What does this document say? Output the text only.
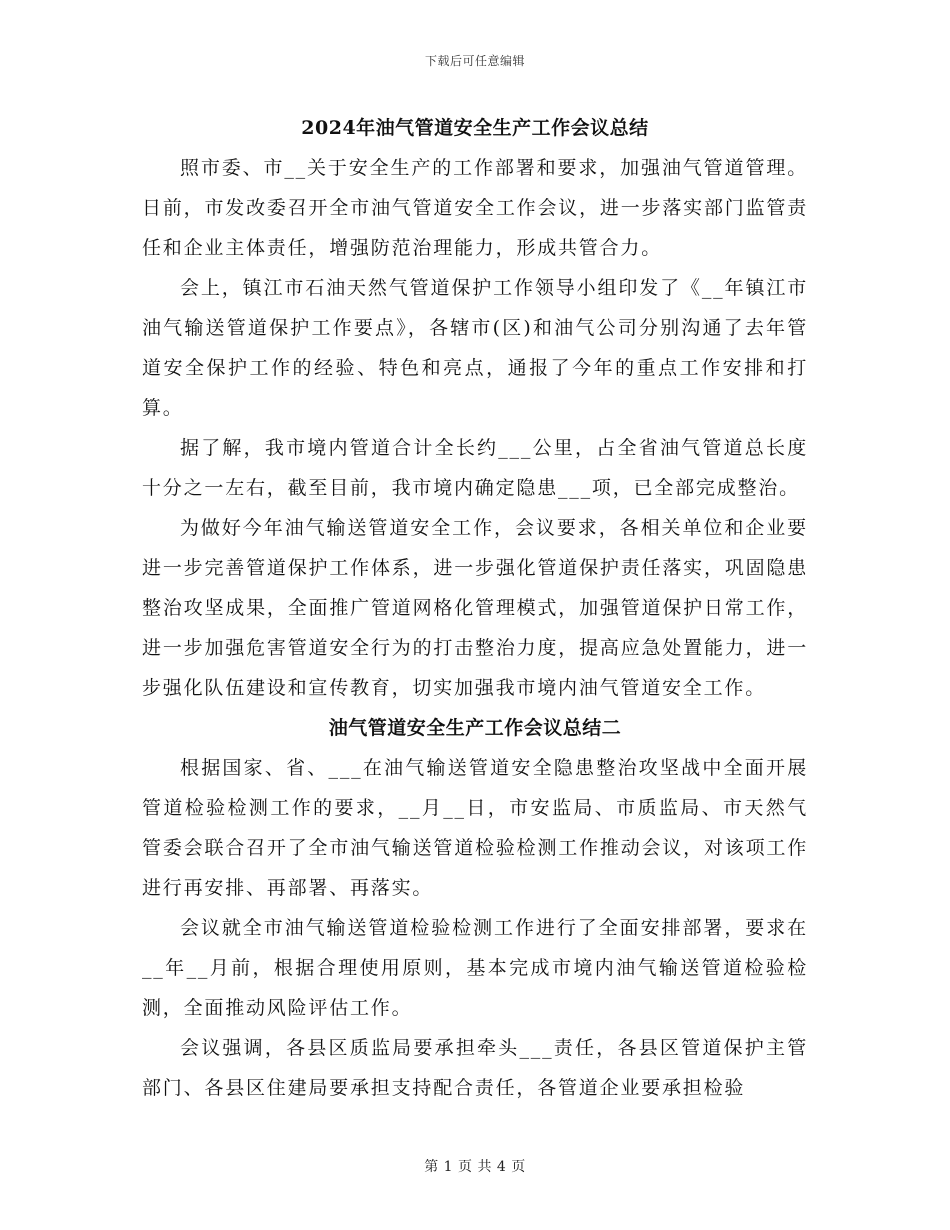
下载后可任意编辑
2024年油气管道安全生产工作会议总结

照市委、市__关于安全生产的工作部署和要求，加强油气管道管理。日前，市发改委召开全市油气管道安全工作会议，进一步落实部门监管责任和企业主体责任，增强防范治理能力，形成共管合力。

会上，镇江市石油天然气管道保护工作领导小组印发了《__年镇江市油气输送管道保护工作要点》，各辖市(区)和油气公司分别沟通了去年管道安全保护工作的经验、特色和亮点，通报了今年的重点工作安排和打算。

据了解，我市境内管道合计全长约___公里，占全省油气管道总长度十分之一左右，截至目前，我市境内确定隐患___项，已全部完成整治。

为做好今年油气输送管道安全工作，会议要求，各相关单位和企业要进一步完善管道保护工作体系，进一步强化管道保护责任落实，巩固隐患整治攻坚成果，全面推广管道网格化管理模式，加强管道保护日常工作，进一步加强危害管道安全行为的打击整治力度，提高应急处置能力，进一步强化队伍建设和宣传教育，切实加强我市境内油气管道安全工作。

油气管道安全生产工作会议总结二

根据国家、省、___在油气输送管道安全隐患整治攻坚战中全面开展管道检验检测工作的要求，__月__日，市安监局、市质监局、市天然气管委会联合召开了全市油气输送管道检验检测工作推动会议，对该项工作进行再安排、再部署、再落实。

会议就全市油气输送管道检验检测工作进行了全面安排部署，要求在__年__月前，根据合理使用原则，基本完成市境内油气输送管道检验检测，全面推动风险评估工作。

会议强调，各县区质监局要承担牵头___责任，各县区管道保护主管部门、各县区住建局要承担支持配合责任，各管道企业要承担检验

第 1 页 共 4 页
